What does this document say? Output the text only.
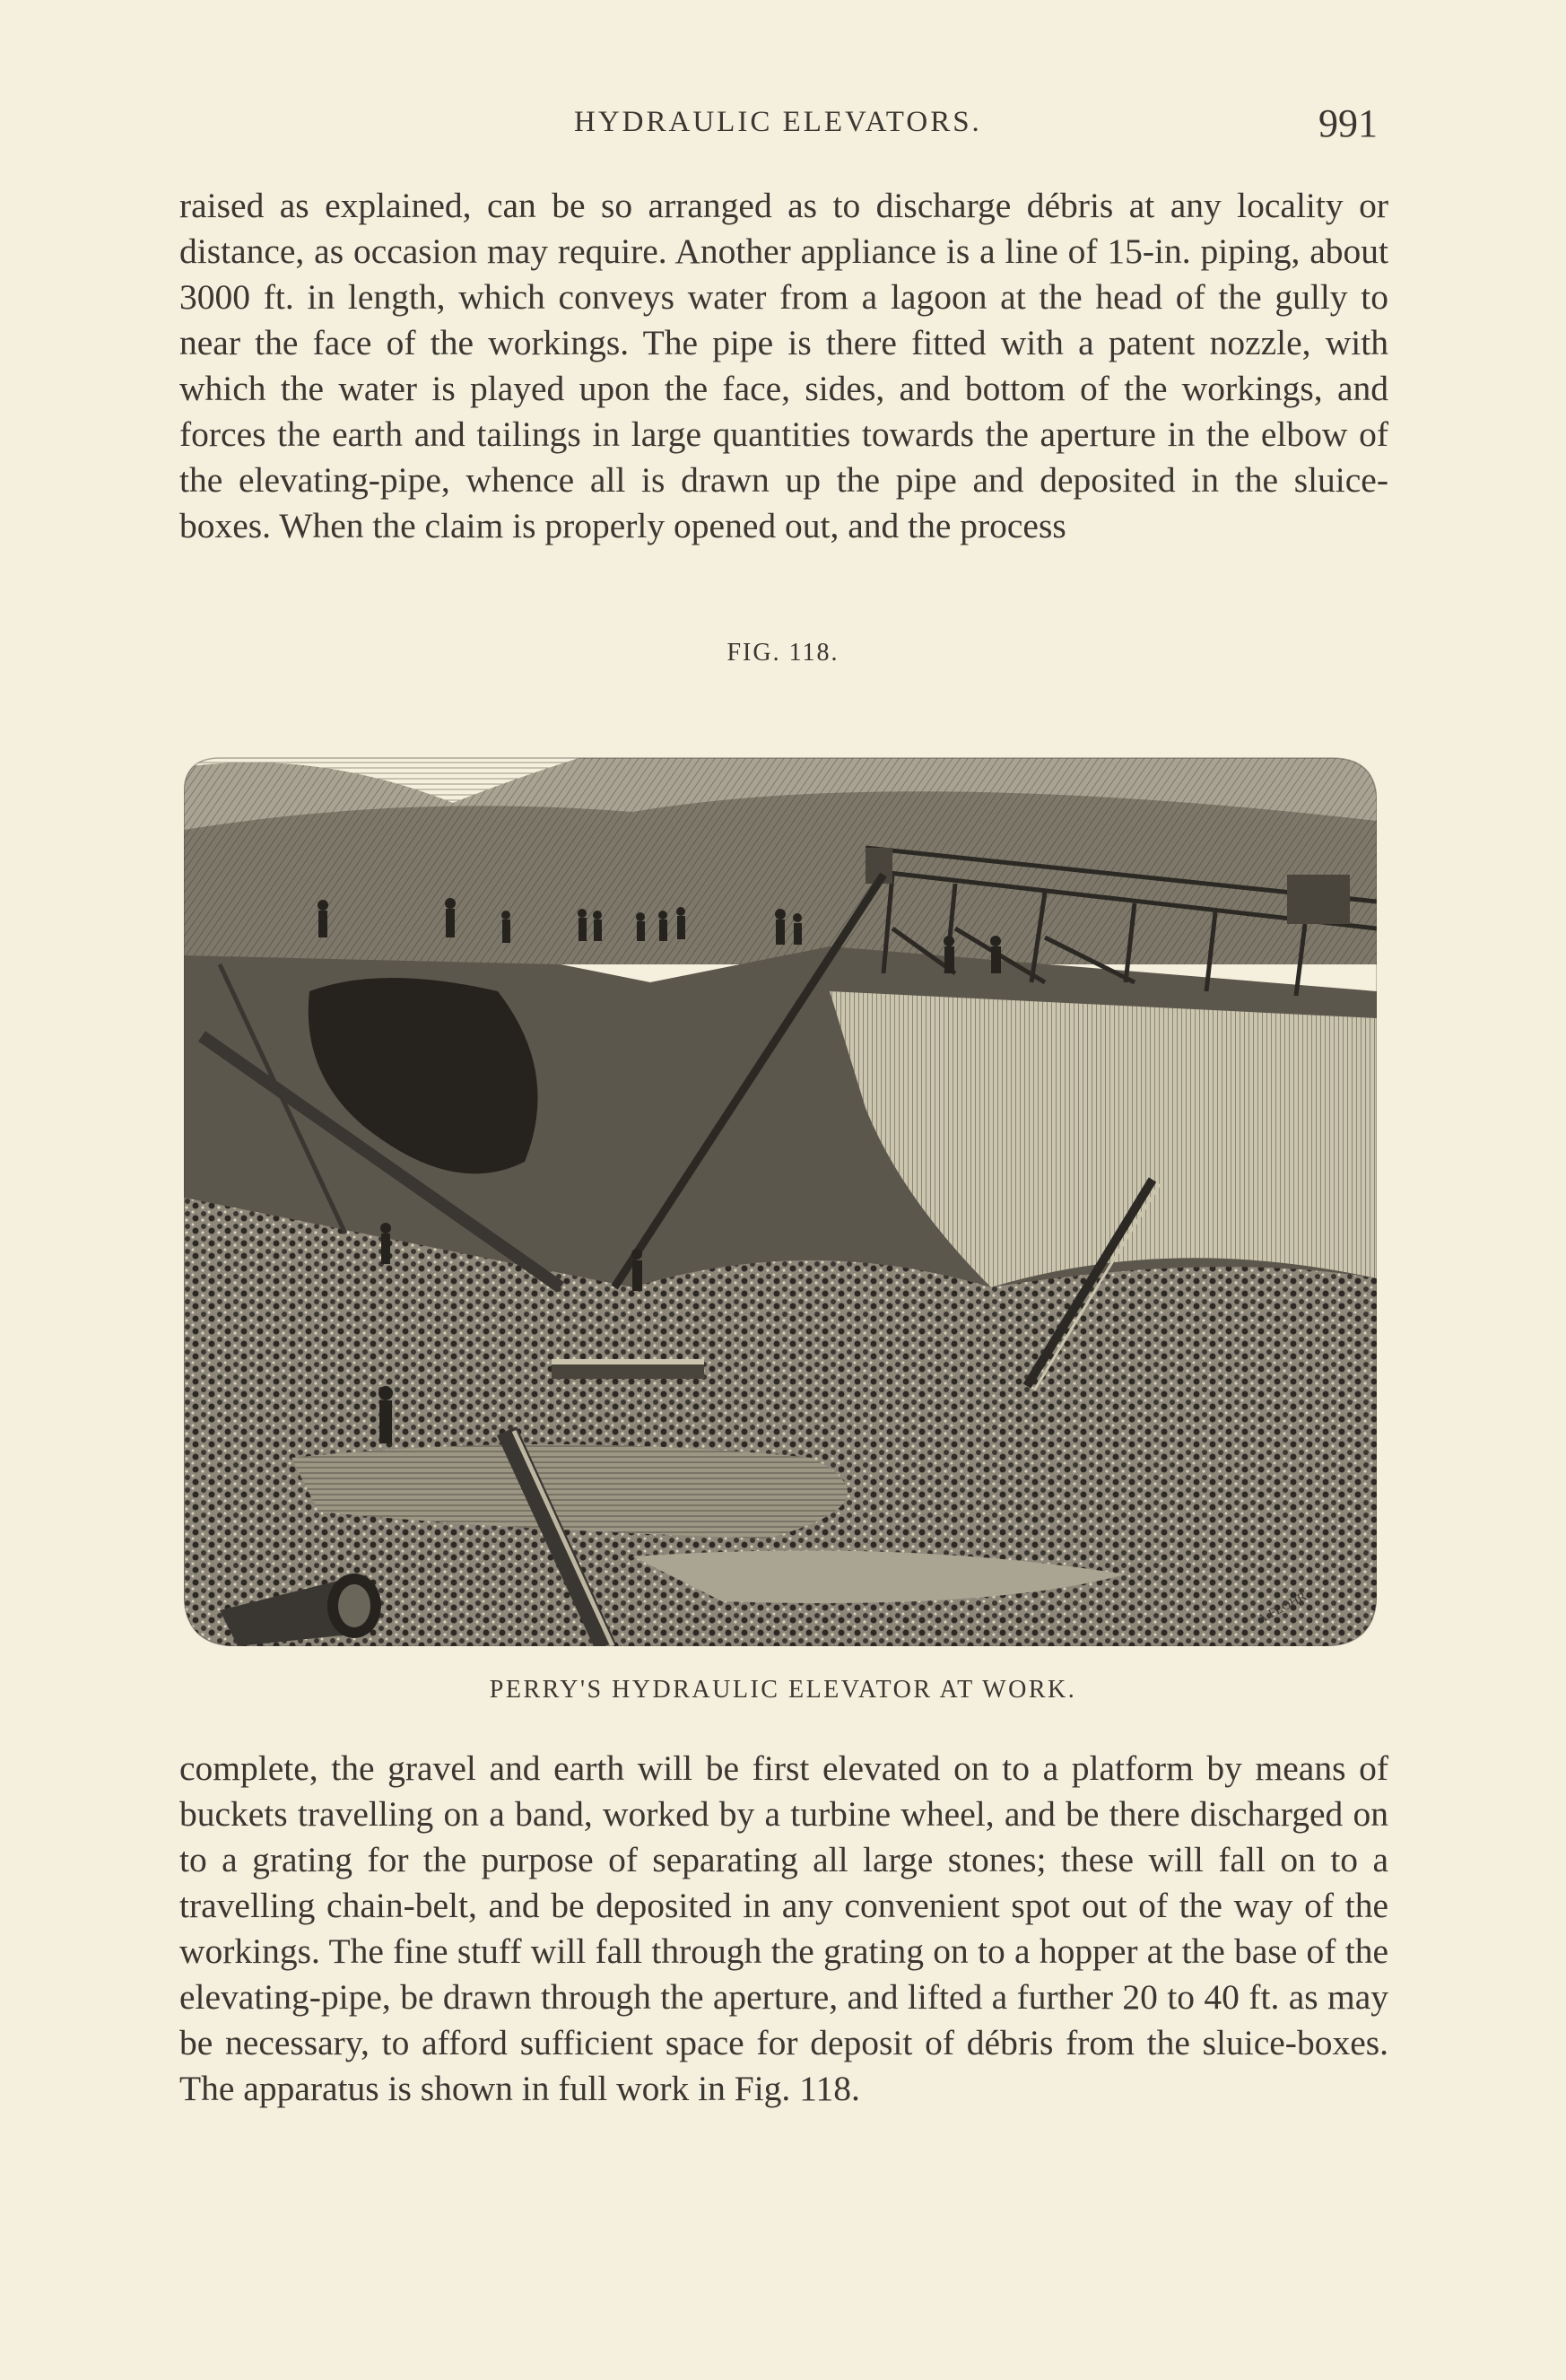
HYDRAULIC ELEVATORS.	991

raised as explained, can be so arranged as to discharge débris at any locality or distance, as occasion may require. Another appliance is a line of 15-in. piping, about 3000 ft. in length, which conveys water from a lagoon at the head of the gully to near the face of the workings. The pipe is there fitted with a patent nozzle, with which the water is played upon the face, sides, and bottom of the workings, and forces the earth and tailings in large quantities towards the aperture in the elbow of the elevating-pipe, whence all is drawn up the pipe and deposited in the sluice-boxes. When the claim is properly opened out, and the process

FIG. 118.
A.FLOHR
PERRY'S HYDRAULIC ELEVATOR AT WORK.

complete, the gravel and earth will be first elevated on to a platform by means of buckets travelling on a band, worked by a turbine wheel, and be there discharged on to a grating for the purpose of separating all large stones; these will fall on to a travelling chain-belt, and be deposited in any convenient spot out of the way of the workings. The fine stuff will fall through the grating on to a hopper at the base of the elevating-pipe, be drawn through the aperture, and lifted a further 20 to 40 ft. as may be necessary, to afford sufficient space for deposit of débris from the sluice-boxes. The apparatus is shown in full work in Fig. 118.
